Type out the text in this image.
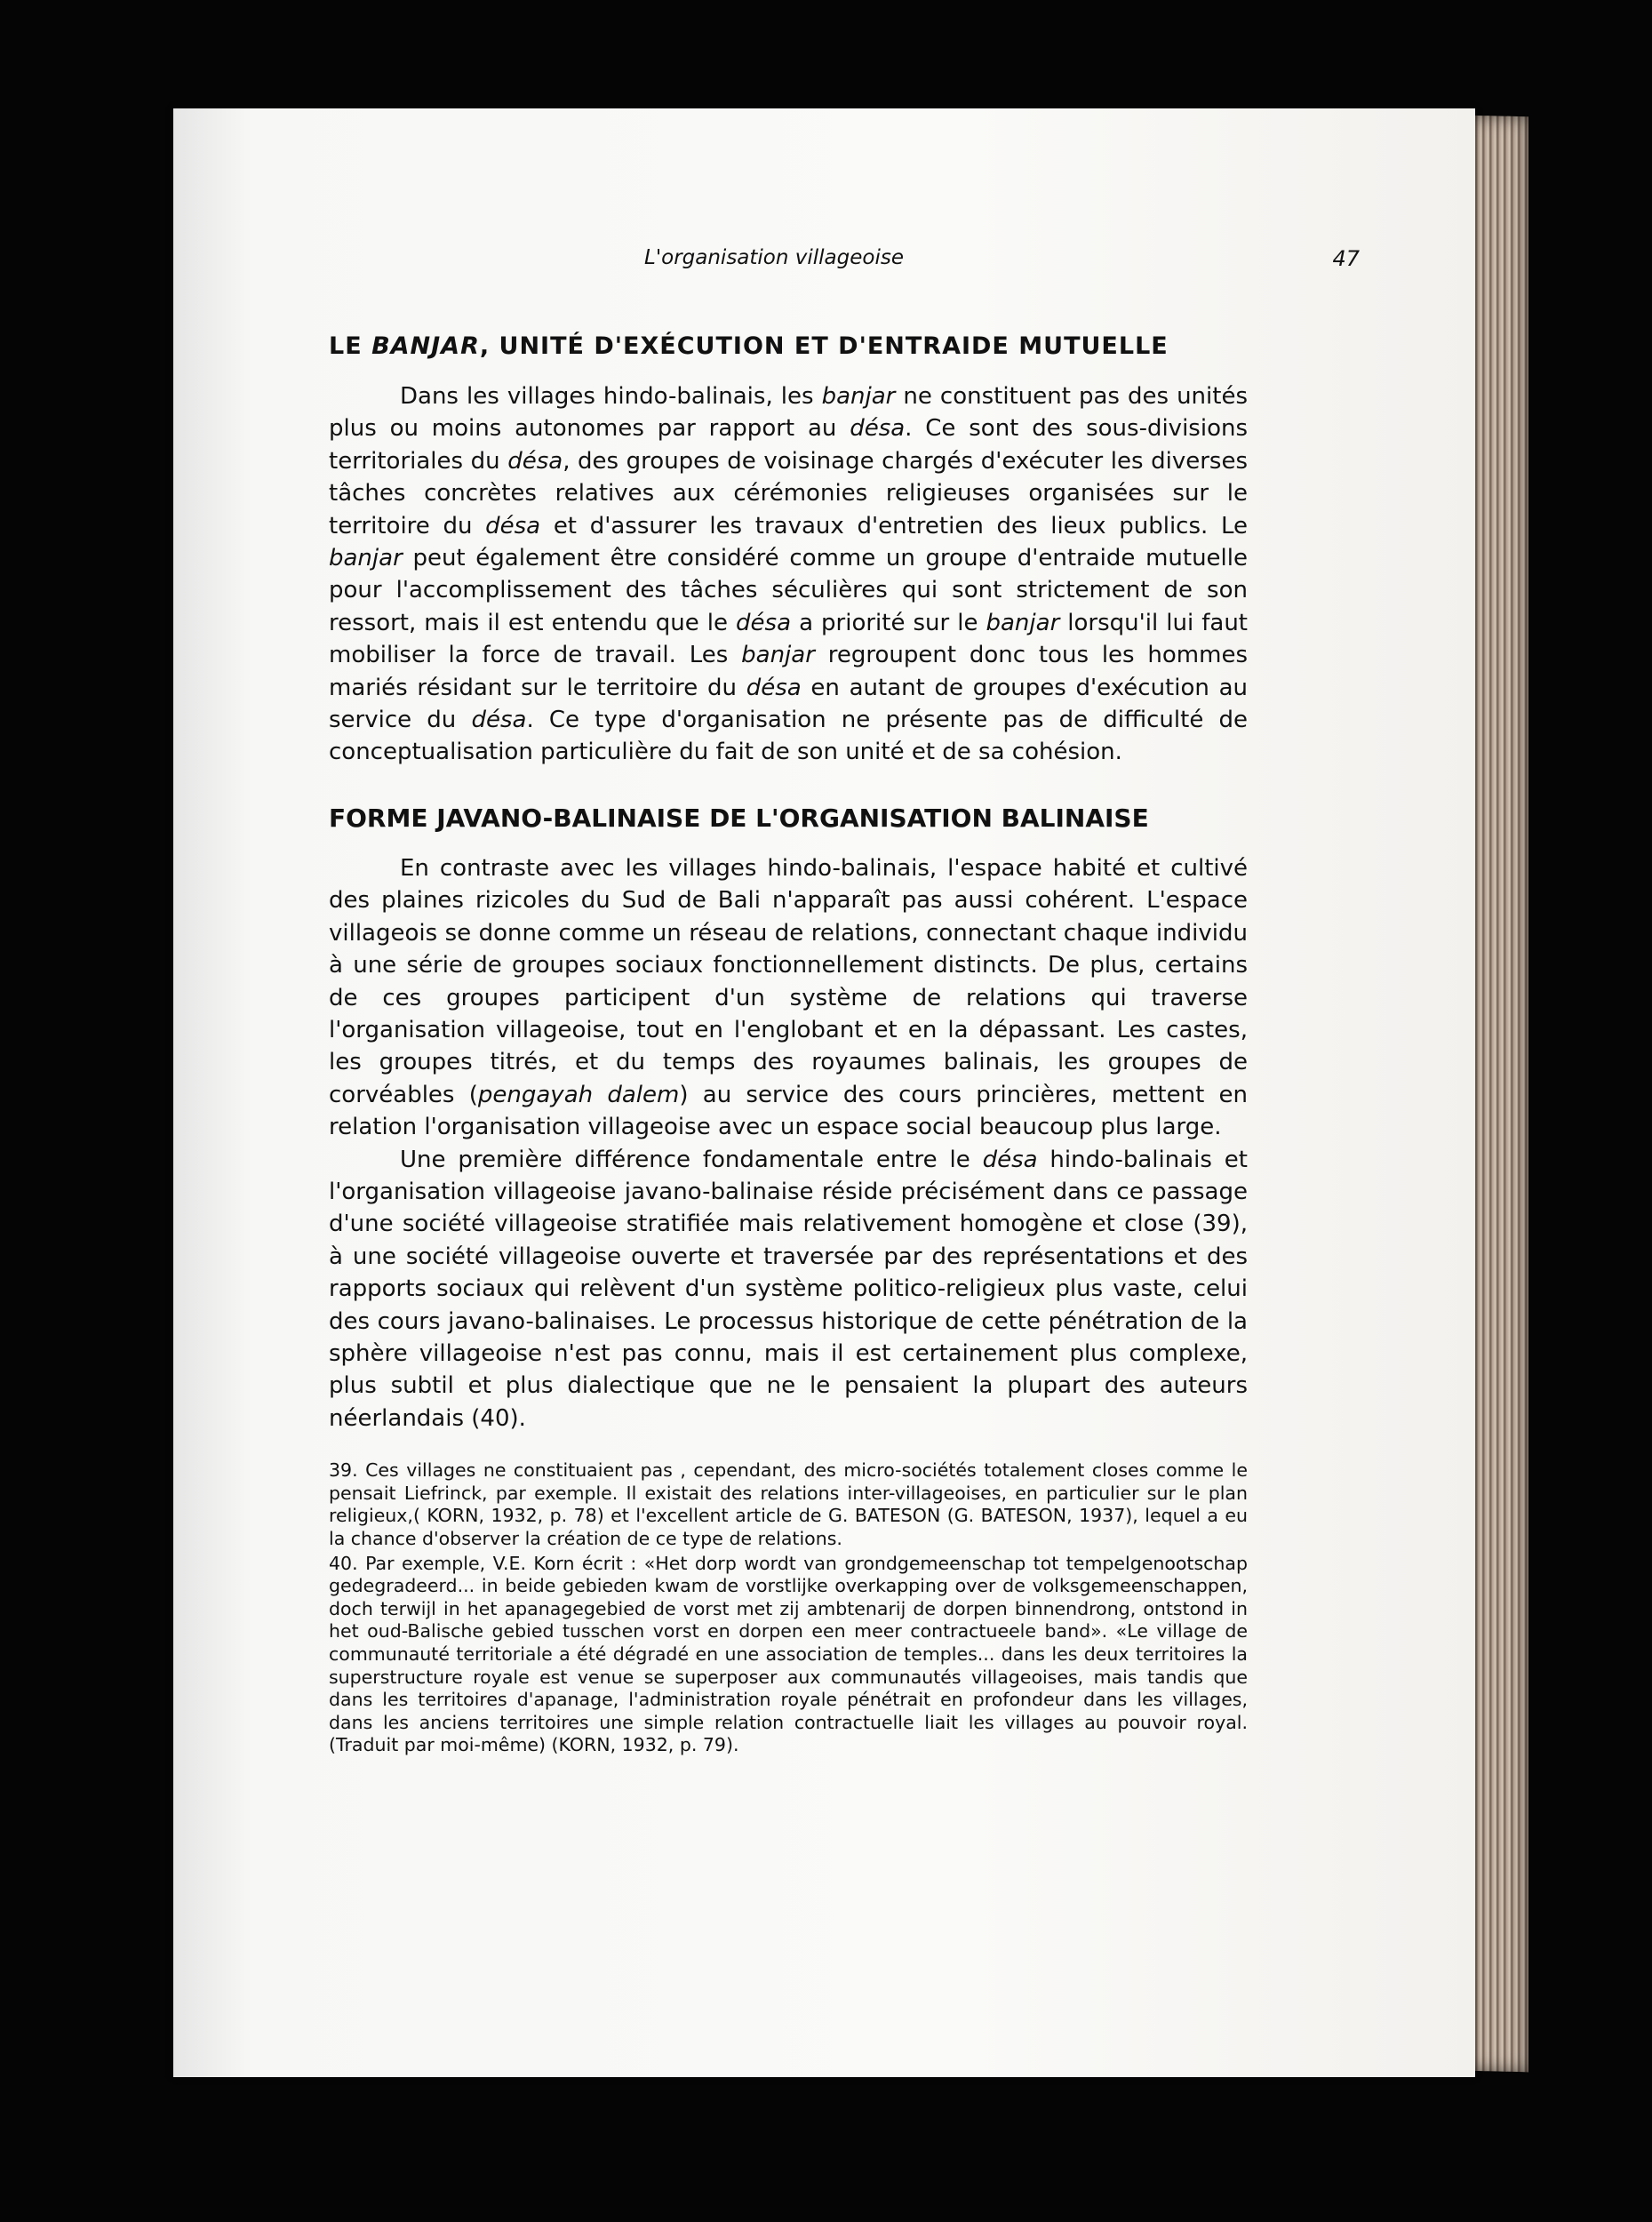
L'organisation villageoise	47
LE BANJAR, UNITÉ D'EXÉCUTION ET D'ENTRAIDE MUTUELLE

Dans les villages hindo-balinais, les banjar ne constituent pas des unités plus ou moins autonomes par rapport au désa. Ce sont des sous-divisions territoriales du désa, des groupes de voisinage chargés d'exécuter les diverses tâches concrètes relatives aux cérémonies religieuses organisées sur le territoire du désa et d'assurer les travaux d'entretien des lieux publics. Le banjar peut également être considéré comme un groupe d'entraide mutuelle pour l'accomplissement des tâches séculières qui sont strictement de son ressort, mais il est entendu que le désa a priorité sur le banjar lorsqu'il lui faut mobiliser la force de travail. Les banjar regroupent donc tous les hommes mariés résidant sur le territoire du désa en autant de groupes d'exécution au service du désa. Ce type d'organisation ne présente pas de difficulté de conceptualisation particulière du fait de son unité et de sa cohésion.

FORME JAVANO-BALINAISE DE L'ORGANISATION BALINAISE

En contraste avec les villages hindo-balinais, l'espace habité et cultivé des plaines rizicoles du Sud de Bali n'apparaît pas aussi cohérent. L'espace villageois se donne comme un réseau de relations, connectant chaque individu à une série de groupes sociaux fonctionnellement distincts. De plus, certains de ces groupes participent d'un système de relations qui traverse l'organisation villageoise, tout en l'englobant et en la dépassant. Les castes, les groupes titrés, et du temps des royaumes balinais, les groupes de corvéables (pengayah dalem) au service des cours princières, mettent en relation l'organisation villageoise avec un espace social beaucoup plus large.

Une première différence fondamentale entre le désa hindo-balinais et l'organisation villageoise javano-balinaise réside précisément dans ce passage d'une société villageoise stratifiée mais relativement homogène et close (39), à une société villageoise ouverte et traversée par des représentations et des rapports sociaux qui relèvent d'un système politico-religieux plus vaste, celui des cours javano-balinaises. Le processus historique de cette pénétration de la sphère villageoise n'est pas connu, mais il est certainement plus complexe, plus subtil et plus dialectique que ne le pensaient la plupart des auteurs néerlandais (40).

39. Ces villages ne constituaient pas , cependant, des micro-sociétés totalement closes comme le pensait Liefrinck, par exemple. Il existait des relations inter-villageoises, en particulier sur le plan religieux,( KORN, 1932, p. 78) et l'excellent article de G. BATESON (G. BATESON, 1937), lequel a eu la chance d'observer la création de ce type de relations.

40. Par exemple, V.E. Korn écrit : «Het dorp wordt van grondgemeenschap tot tempelgenootschap gedegradeerd... in beide gebieden kwam de vorstlijke overkapping over de volksgemeenschappen, doch terwijl in het apanagegebied de vorst met zij ambtenarij de dorpen binnendrong, ontstond in het oud-Balische gebied tusschen vorst en dorpen een meer contractueele band». «Le village de communauté territoriale a été dégradé en une association de temples... dans les deux territoires la superstructure royale est venue se superposer aux communautés villageoises, mais tandis que dans les territoires d'apanage, l'administration royale pénétrait en profondeur dans les villages, dans les anciens territoires une simple relation contractuelle liait les villages au pouvoir royal. (Traduit par moi-même) (KORN, 1932, p. 79).
